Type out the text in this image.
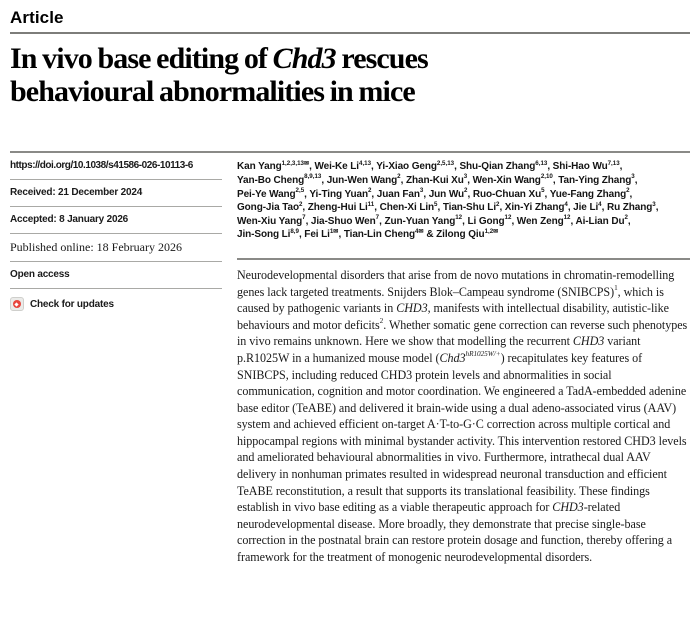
Article
In vivo base editing of Chd3 rescues
behavioural abnormalities in mice
https://doi.org/10.1038/s41586-026-10113-6
Received: 21 December 2024
Accepted: 8 January 2026
Published online: 18 February 2026
Open access
Check for updates
Kan Yang$^{1,2,3,13✉}$, Wei-Ke Li$^{4,13}$, Yi-Xiao Geng$^{2,5,13}$, Shu-Qian Zhang$^{6,13}$, Shi-Hao Wu$^{7,13}$,
Yan-Bo Cheng$^{8,9,13}$, Jun-Wen Wang$^2$, Zhan-Kui Xu$^3$, Wen-Xin Wang$^{2,10}$, Tan-Ying Zhang$^3$,
Pei-Ye Wang$^{2,5}$, Yi-Ting Yuan$^2$, Juan Fan$^3$, Jun Wu$^2$, Ruo-Chuan Xu$^5$, Yue-Fang Zhang$^2$,
Gong-Jia Tao$^2$, Zheng-Hui Li$^{11}$, Chen-Xi Lin$^5$, Tian-Shu Li$^2$, Xin-Yi Zhang$^4$, Jie Li$^4$, Ru Zhang$^3$,
Wen-Xiu Yang$^7$, Jia-Shuo Wen$^7$, Zun-Yuan Yang$^{12}$, Li Gong$^{12}$, Wen Zeng$^{12}$, Ai-Lian Du$^2$,
Jin-Song Li$^{8,9}$, Fei $Li^{1✉}$, Tian-Lin Cheng$^{4✉}$ & Zilong Qiu$^{1,2✉}$

Neurodevelopmental disorders that arise from de novo mutations in chromatin-remodelling genes lack targeted treatments. Snijders Blok–Campeau syndrome (SNIBCPS)$^1$, which is caused by pathogenic variants in CHD3, manifests with intellectual disability, autistic-like behaviours and motor deficits$^2$. Whether somatic gene correction can reverse such phenotypes in vivo remains unknown. Here we show that modelling the recurrent CHD3 variant p.R1025W in a humanized mouse model $(Chd3^{hR1025W/+})$ recapitulates key features of SNIBCPS, including reduced CHD3 protein levels and abnormalities in social communication, cognition and motor coordination. We engineered a TadA-embedded adenine base editor (TeABE) and delivered it brain-wide using a dual adeno-associated virus (AAV) system and achieved efficient on-target A·T-to-G·C correction across multiple cortical and hippocampal regions with minimal bystander activity. This intervention restored CHD3 levels and ameliorated behavioural abnormalities in vivo. Furthermore, intrathecal dual AAV delivery in nonhuman primates resulted in widespread neuronal transduction and efficient TeABE reconstitution, a result that supports its translational feasibility. These findings establish in vivo base editing as a viable therapeutic approach for CHD3-related neurodevelopmental disease. More broadly, they demonstrate that precise single-base correction in the postnatal brain can restore protein dosage and function, thereby offering a framework for the treatment of monogenic neurodevelopmental disorders.
